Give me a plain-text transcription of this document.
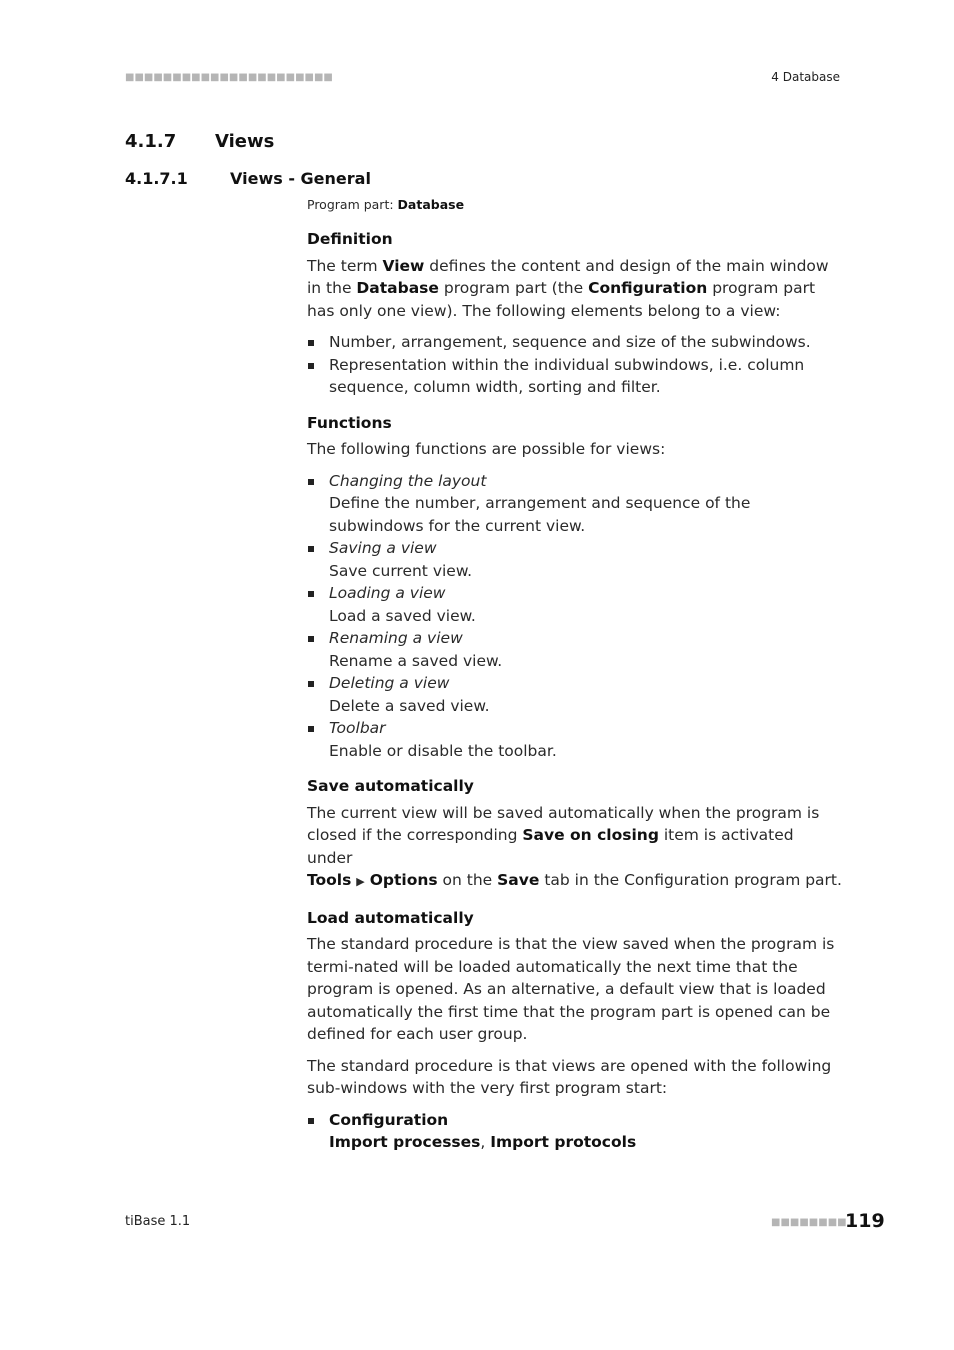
■■■■■■■■■■■■■■■■■■■■■■	4 Database
4.1.7 Views
4.1.7.1	Views - General
Program part: Database
Definition

The term View defines the content and design of the main window in the Database program part (the Configuration program part has only one view). The following elements belong to a view:

Number, arrangement, sequence and size of the subwindows.
Representation within the individual subwindows, i.e. column sequence, column width, sorting and filter.
Functions

The following functions are possible for views:

Changing the layout
Define the number, arrangement and sequence of the subwindows for the current view.
Saving a view
Save current view.
Loading a view
Load a saved view.
Renaming a view
Rename a saved view.
Deleting a view
Delete a saved view.
Toolbar
Enable or disable the toolbar.
Save automatically

The current view will be saved automatically when the program is closed if the corresponding Save on closing item is activated under
Tools ▶ Options on the Save tab in the Configuration program part.

Load automatically

The standard procedure is that the view saved when the program is termi-nated will be loaded automatically the next time that the program is opened. As an alternative, a default view that is loaded automatically the first time that the program part is opened can be defined for each user group.

The standard procedure is that views are opened with the following sub-windows with the very first program start:

Configuration
Import processes, Import protocols
tiBase 1.1	■■■■■■■■
119
